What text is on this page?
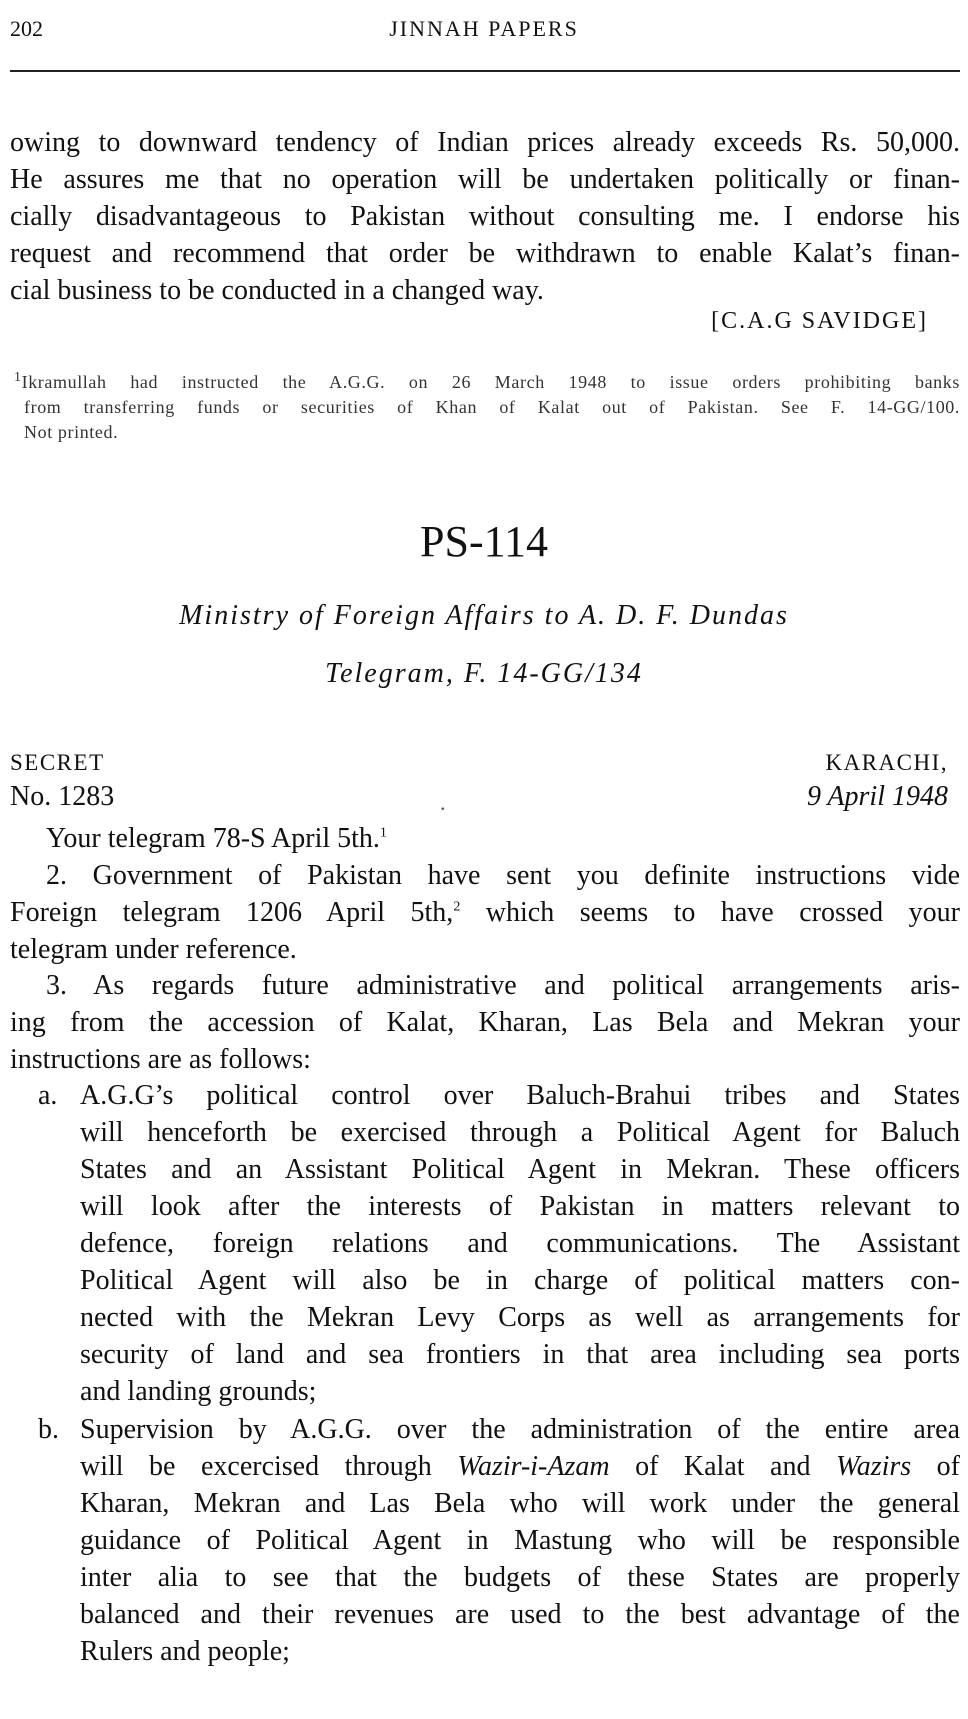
202	JINNAH PAPERS
owing to downward tendency of Indian prices already exceeds Rs. 50,000.
He assures me that no operation will be undertaken politically or finan-
cially disadvantageous to Pakistan without consulting me. I endorse his
request and recommend that order be withdrawn to enable Kalat’s finan-
cial business to be conducted in a changed way.
[C.A.G SAVIDGE]
$^1$Ikramullah had instructed the A.G.G. on 26 March 1948 to issue orders prohibiting banks
from transferring funds or securities of Khan of Kalat out of Pakistan. See F. 14-GG/100.
Not printed.
PS-114
Ministry of Foreign Affairs to A. D. F. Dundas
Telegram, F. 14-GG/134
SECRET
No. 1283
KARACHI,
9 April 1948
.
Your telegram 78-S April 5th.$^1$
2. Government of Pakistan have sent you definite instructions vide
Foreign telegram 1206 April 5th,$^2$ which seems to have crossed your
telegram under reference.
3. As regards future administrative and political arrangements aris-
ing from the accession of Kalat, Kharan, Las Bela and Mekran your
instructions are as follows:
a. A.G.G’s political control over Baluch-Brahui tribes and States
will henceforth be exercised through a Political Agent for Baluch
States and an Assistant Political Agent in Mekran. These officers
will look after the interests of Pakistan in matters relevant to
defence, foreign relations and communications. The Assistant
Political Agent will also be in charge of political matters con-
nected with the Mekran Levy Corps as well as arrangements for
security of land and sea frontiers in that area including sea ports
and landing grounds;
b. Supervision by A.G.G. over the administration of the entire area
will be excercised through Wazir-i-Azam of Kalat and Wazirs of
Kharan, Mekran and Las Bela who will work under the general
guidance of Political Agent in Mastung who will be responsible
inter alia to see that the budgets of these States are properly
balanced and their revenues are used to the best advantage of the
Rulers and people;
